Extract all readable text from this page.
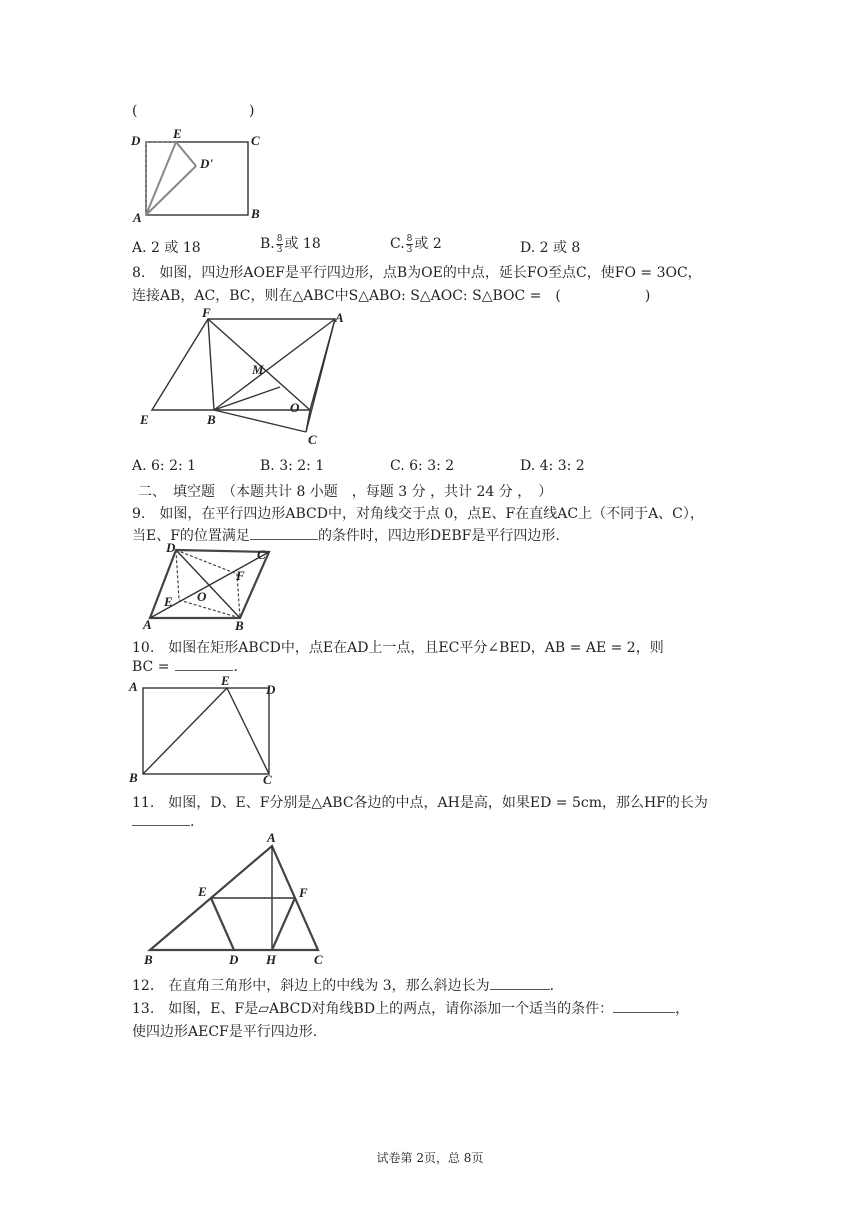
(	)
D	E	C
D'
A	B
A. 2 或 18	B. $\frac{8}{3}$ 或 18	C. $\frac{8}{3}$ 或 2	D. 2 或 8
8.　如图，四边形AOEF是平行四边形，点B为OE的中点，延长FO至点C，使FO = 3OC，
连接AB，AC，BC，则在△ABC中S△ABO: S△AOC: S△BOC =　(　　　　　　)
F	A
M
E	B
O
C
A. 6: 2: 1	B. 3: 2: 1	C. 6: 3: 2	D. 4: 3: 2
二、　填空题　（本题共计 8 小题　，每题 3 分 ，共计 24 分 ，　）
9.　如图，在平行四边形ABCD中，对角线交于点 0，点E、F在直线AC上（不同于A、C），
当E、F的位置满足	的条件时，四边形DEBF是平行四边形.
D	C
F
O
E
A	B
10.　如图在矩形ABCD中，点E在AD上一点，且EC平分∠BED，AB = AE = 2，则
BC =	.
A	E
D
B	C
11.　如图，D、E、F分别是△ABC各边的中点，AH是高，如果ED = 5cm，那么HF的长为
.
A
E	F
B	D H	C
12.　在直角三角形中，斜边上的中线为 3，那么斜边长为	.
13.　如图，E、F是▱ABCD对角线BD上的两点，请你添加一个适当的条件：	，
使四边形AECF是平行四边形.
试卷第 2页，总 8页
